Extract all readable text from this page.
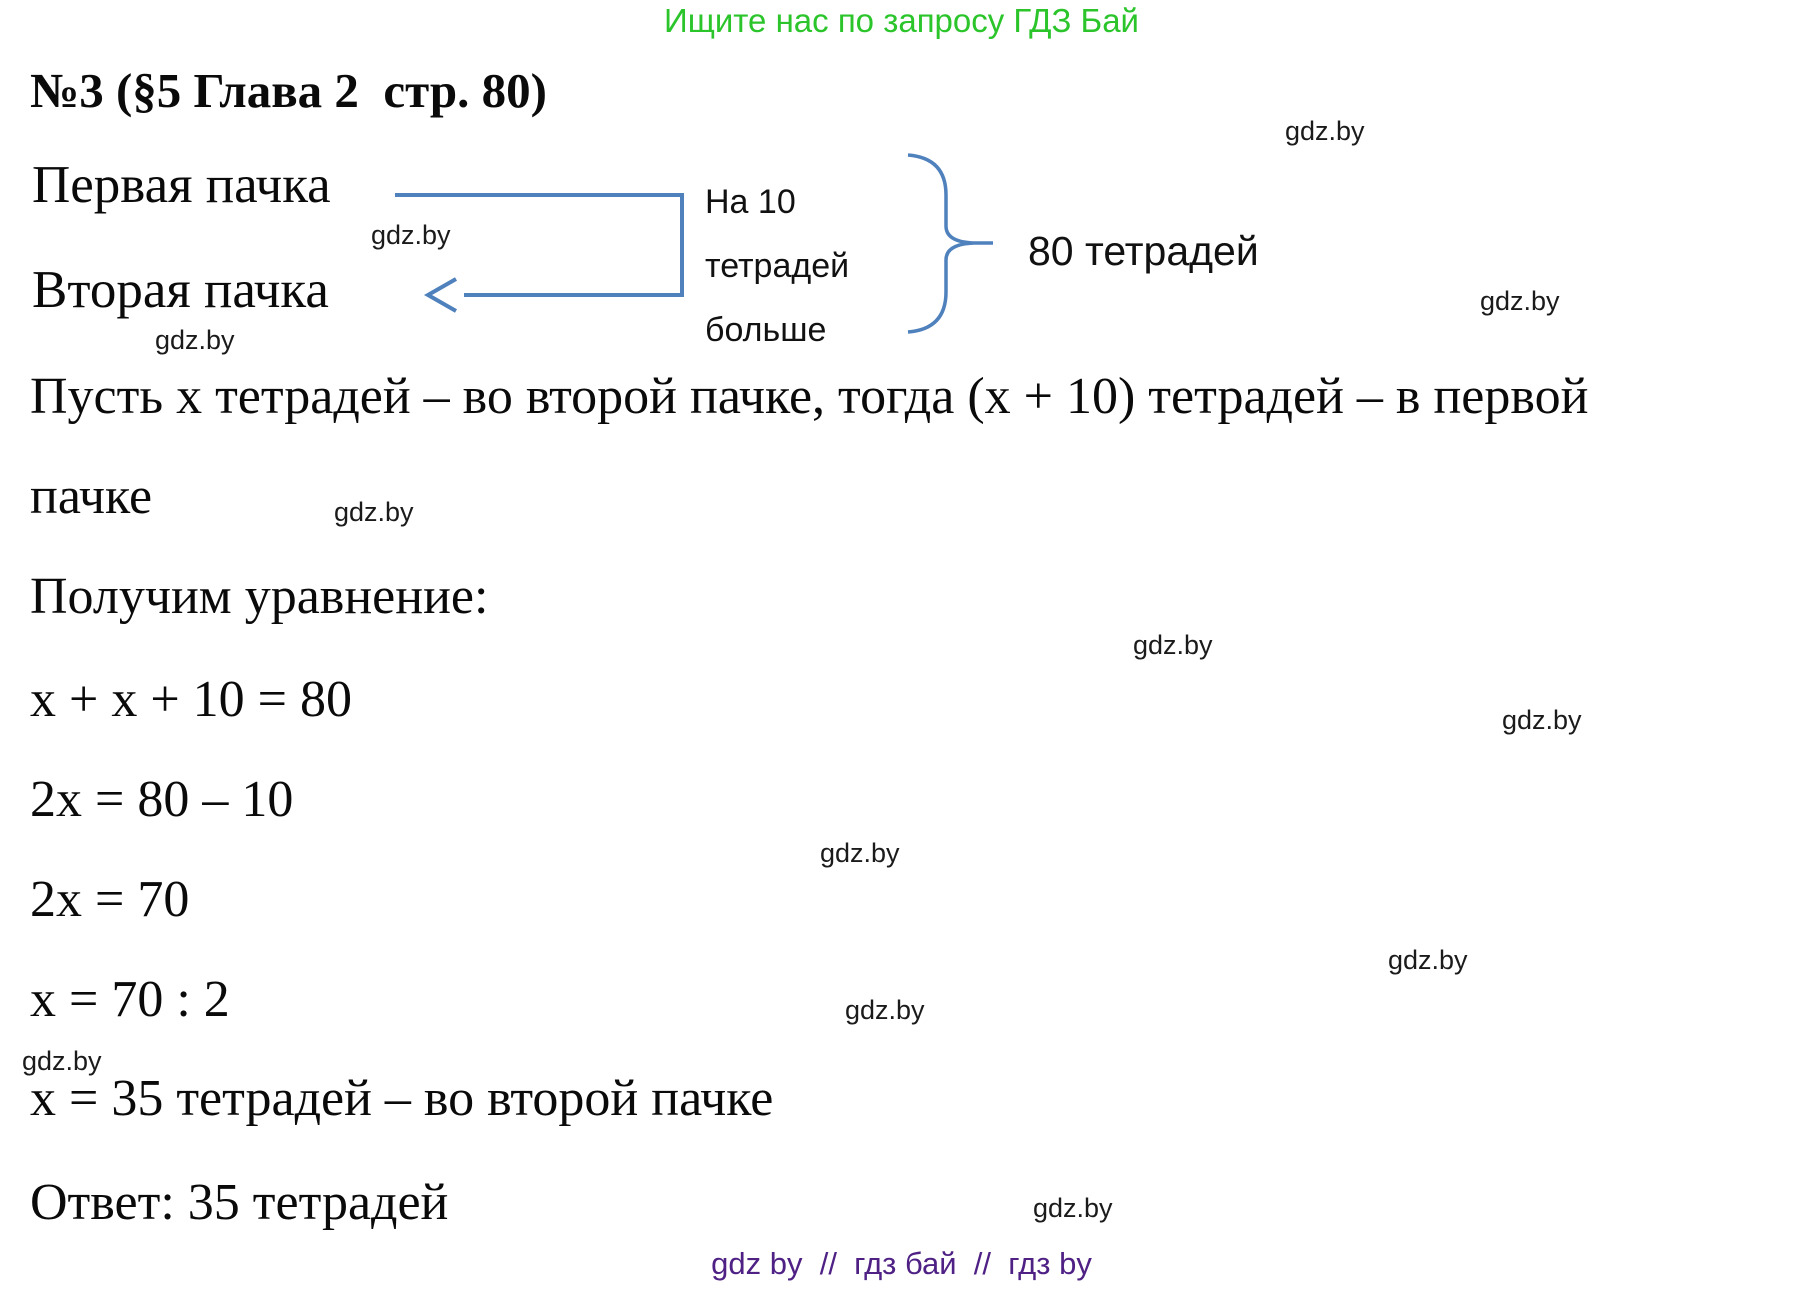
Ищите нас по запросу ГДЗ Бай
№3 (§5 Глава 2  стр. 80)
Первая пачка
Вторая пачка
На 10 тетрадей больше
80 тетрадей
Пусть х тетрадей – во второй пачке, тогда (х + 10) тетрадей – в первой
пачке
Получим уравнение:
х + х + 10 = 80
2х = 80 – 10
2х = 70
х = 70 : 2
х = 35 тетрадей – во второй пачке
Ответ: 35 тетрадей
gdz.by
gdz.by
gdz.by
gdz.by
gdz.by
gdz.by
gdz.by
gdz.by
gdz.by
gdz.by
gdz.by
gdz.by
gdz by  //  гдз бай  //  гдз by
